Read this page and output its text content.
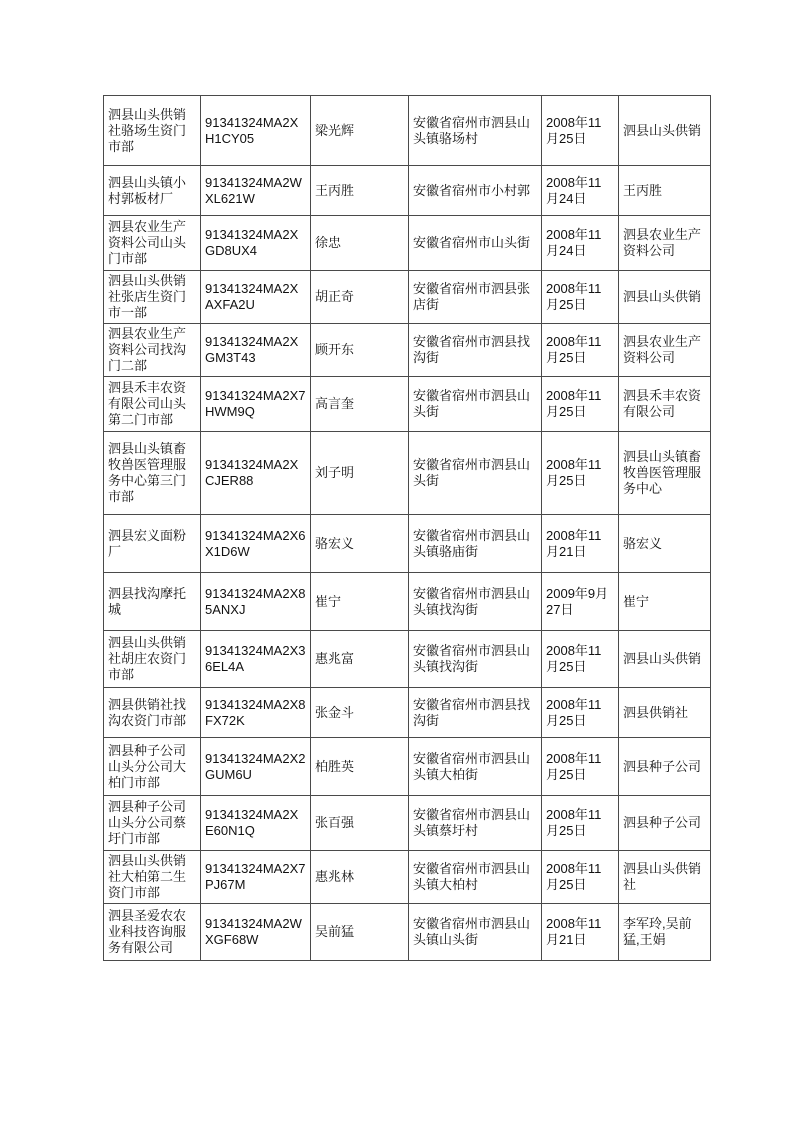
泗县山头供销社骆场生资门市部	91341324MA2XH1CY05	梁光辉	安徽省宿州市泗县山头镇骆场村	2008年11月25日	泗县山头供销
泗县山头镇小村郭板材厂	91341324MA2WXL621W	王丙胜	安徽省宿州市小村郭	2008年11月24日	王丙胜
泗县农业生产资料公司山头门市部	91341324MA2XGD8UX4	徐忠	安徽省宿州市山头街	2008年11月24日	泗县农业生产资料公司
泗县山头供销社张店生资门市一部	91341324MA2XAXFA2U	胡正奇	安徽省宿州市泗县张店街	2008年11月25日	泗县山头供销
泗县农业生产资料公司找沟门二部	91341324MA2XGM3T43	顾开东	安徽省宿州市泗县找沟街	2008年11月25日	泗县农业生产资料公司
泗县禾丰农资有限公司山头第二门市部	91341324MA2X7HWM9Q	高言奎	安徽省宿州市泗县山头街	2008年11月25日	泗县禾丰农资有限公司
泗县山头镇畜牧兽医管理服务中心第三门市部	91341324MA2XCJER88	刘子明	安徽省宿州市泗县山头街	2008年11月25日	泗县山头镇畜牧兽医管理服务中心
泗县宏义面粉厂	91341324MA2X6X1D6W	骆宏义	安徽省宿州市泗县山头镇骆庙街	2008年11月21日	骆宏义
泗县找沟摩托城	91341324MA2X85ANXJ	崔宁	安徽省宿州市泗县山头镇找沟街	2009年9月27日	崔宁
泗县山头供销社胡庄农资门市部	91341324MA2X36EL4A	惠兆富	安徽省宿州市泗县山头镇找沟街	2008年11月25日	泗县山头供销
泗县供销社找沟农资门市部	91341324MA2X8FX72K	张金斗	安徽省宿州市泗县找沟街	2008年11月25日	泗县供销社
泗县种子公司山头分公司大柏门市部	91341324MA2X2GUM6U	柏胜英	安徽省宿州市泗县山头镇大柏街	2008年11月25日	泗县种子公司
泗县种子公司山头分公司蔡圩门市部	91341324MA2XE60N1Q	张百强	安徽省宿州市泗县山头镇蔡圩村	2008年11月25日	泗县种子公司
泗县山头供销社大柏第二生资门市部	91341324MA2X7PJ67M	惠兆林	安徽省宿州市泗县山头镇大柏村	2008年11月25日	泗县山头供销社
泗县圣爱农农业科技咨询服务有限公司	91341324MA2WXGF68W	吴前猛	安徽省宿州市泗县山头镇山头街	2008年11月21日	李军玲,吴前猛,王娟
